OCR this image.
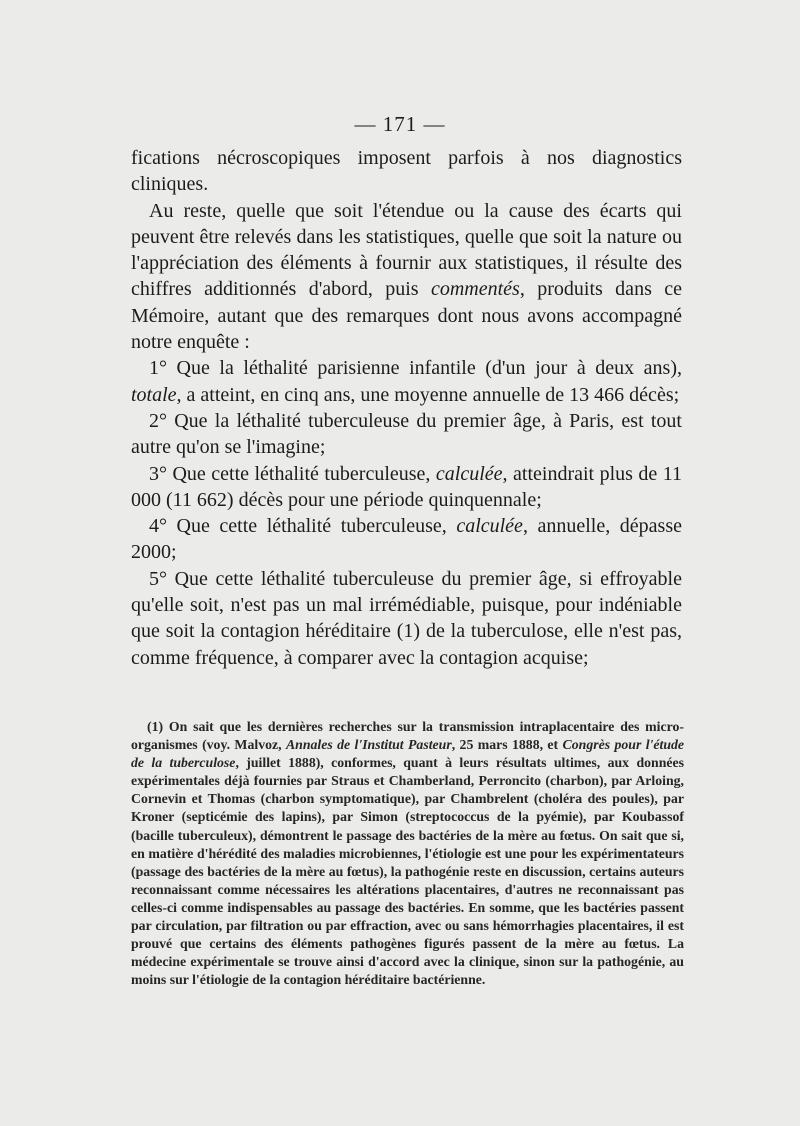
— 171 —

fications nécroscopiques imposent parfois à nos diagnostics cliniques.

Au reste, quelle que soit l'étendue ou la cause des écarts qui peuvent être relevés dans les statistiques, quelle que soit la nature ou l'appréciation des éléments à fournir aux statistiques, il résulte des chiffres additionnés d'abord, puis commentés, produits dans ce Mémoire, autant que des remarques dont nous avons accompagné notre enquête :

1° Que la léthalité parisienne infantile (d'un jour à deux ans), totale, a atteint, en cinq ans, une moyenne annuelle de 13 466 décès;

2° Que la léthalité tuberculeuse du premier âge, à Paris, est tout autre qu'on se l'imagine;

3° Que cette léthalité tuberculeuse, calculée, atteindrait plus de 11 000 (11 662) décès pour une période quinquennale;

4° Que cette léthalité tuberculeuse, calculée, annuelle, dépasse 2000;

5° Que cette léthalité tuberculeuse du premier âge, si effroyable qu'elle soit, n'est pas un mal irrémédiable, puisque, pour indéniable que soit la contagion héréditaire (1) de la tuberculose, elle n'est pas, comme fréquence, à comparer avec la contagion acquise;

(1) On sait que les dernières recherches sur la transmission intraplacentaire des micro-organismes (voy. Malvoz, Annales de l'Institut Pasteur, 25 mars 1888, et Congrès pour l'étude de la tuberculose, juillet 1888), conformes, quant à leurs résultats ultimes, aux données expérimentales déjà fournies par Straus et Chamberland, Perroncito (charbon), par Arloing, Cornevin et Thomas (charbon symptomatique), par Chambrelent (choléra des poules), par Kroner (septicémie des lapins), par Simon (streptococcus de la pyémie), par Koubassof (bacille tuberculeux), démontrent le passage des bactéries de la mère au fœtus. On sait que si, en matière d'hérédité des maladies microbiennes, l'étiologie est une pour les expérimentateurs (passage des bactéries de la mère au fœtus), la pathogénie reste en discussion, certains auteurs reconnaissant comme nécessaires les altérations placentaires, d'autres ne reconnaissant pas celles-ci comme indispensables au passage des bactéries. En somme, que les bactéries passent par circulation, par filtration ou par effraction, avec ou sans hémorrhagies placentaires, il est prouvé que certains des éléments pathogènes figurés passent de la mère au fœtus. La médecine expérimentale se trouve ainsi d'accord avec la clinique, sinon sur la pathogénie, au moins sur l'étiologie de la contagion héréditaire bactérienne.
